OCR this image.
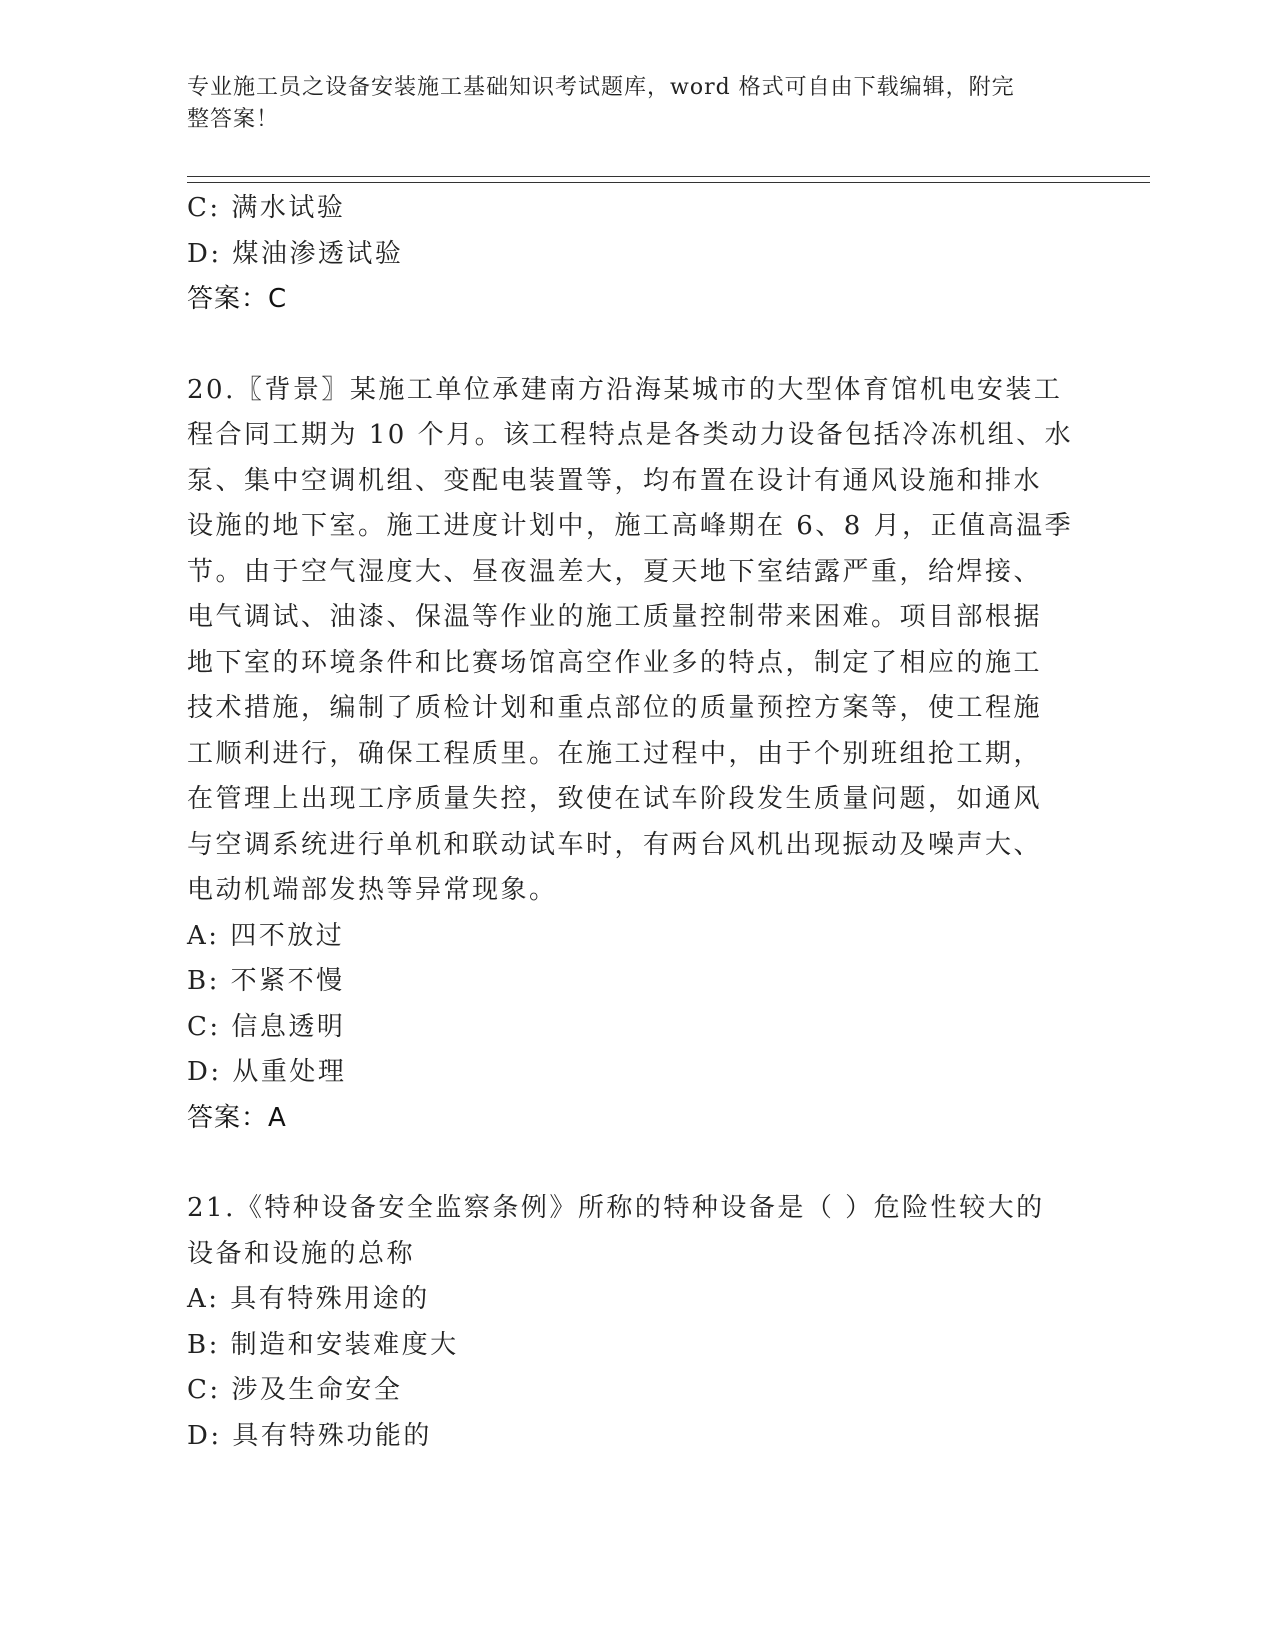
专业施工员之设备安装施工基础知识考试题库，word 格式可自由下载编辑，附完
整答案！
C: 满水试验
D: 煤油渗透试验
答案：C
20.〖背景〗某施工单位承建南方沿海某城市的大型体育馆机电安装工
程合同工期为 10 个月。该工程特点是各类动力设备包括冷冻机组、水
泵、集中空调机组、变配电装置等，均布置在设计有通风设施和排水
设施的地下室。施工进度计划中，施工高峰期在 6、8 月，正值高温季
节。由于空气湿度大、昼夜温差大，夏天地下室结露严重，给焊接、
电气调试、油漆、保温等作业的施工质量控制带来困难。项目部根据
地下室的环境条件和比赛场馆高空作业多的特点，制定了相应的施工
技术措施，编制了质检计划和重点部位的质量预控方案等，使工程施
工顺利进行，确保工程质里。在施工过程中，由于个别班组抢工期，
在管理上出现工序质量失控，致使在试车阶段发生质量问题，如通风
与空调系统进行单机和联动试车时，有两台风机出现振动及噪声大、
电动机端部发热等异常现象。
A: 四不放过
B: 不紧不慢
C: 信息透明
D: 从重处理
答案：A
21.《特种设备安全监察条例》所称的特种设备是（ ）危险性较大的
设备和设施的总称
A: 具有特殊用途的
B: 制造和安装难度大
C: 涉及生命安全
D: 具有特殊功能的
